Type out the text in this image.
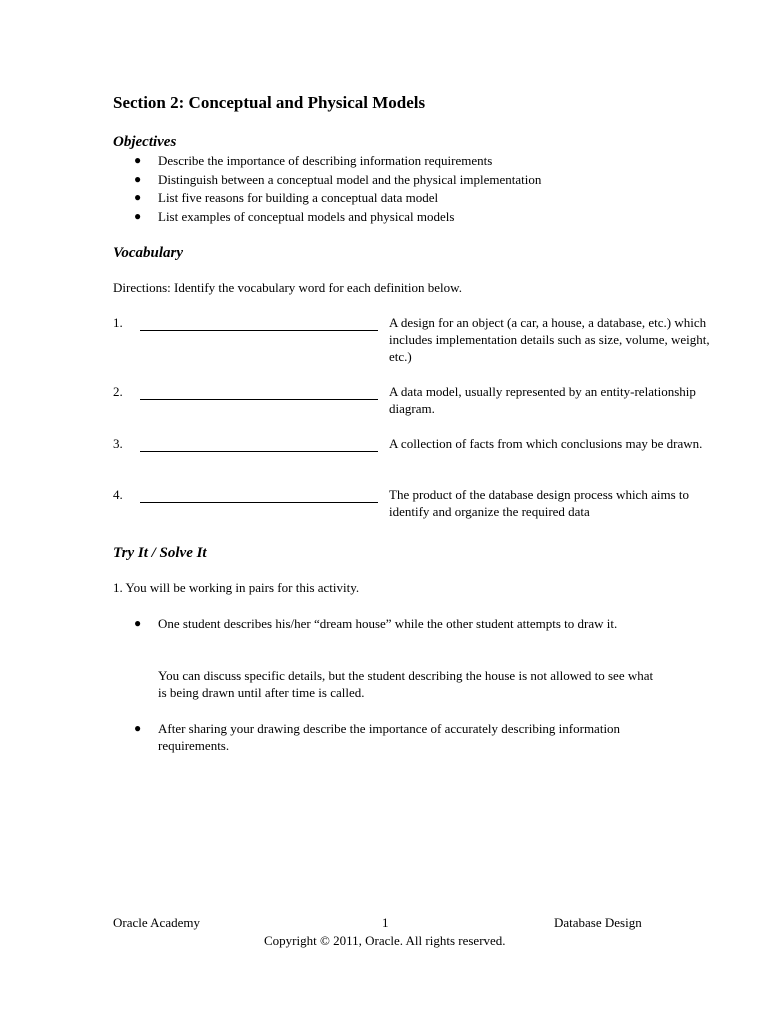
Section 2: Conceptual and Physical Models
Objectives
● Describe the importance of describing information requirements
● Distinguish between a conceptual model and the physical implementation
● List five reasons for building a conceptual data model
● List examples of conceptual models and physical models
Vocabulary
Directions: Identify the vocabulary word for each definition below.
1.	A design for an object (a car, a house, a database, etc.) which includes implementation details such as size, volume, weight, etc.)
2.	A data model, usually represented by an entity-relationship diagram.
3.	A collection of facts from which conclusions may be drawn.
4.	The product of the database design process which aims to identify and organize the required data
Try It / Solve It
1. You will be working in pairs for this activity.
● One student describes his/her “dream house” while the other student attempts to draw it.
You can discuss specific details, but the student describing the house is not allowed to see what is being drawn until after time is called.
● After sharing your drawing describe the importance of accurately describing information requirements.
Oracle Academy	1	Database Design
Copyright © 2011, Oracle. All rights reserved.
